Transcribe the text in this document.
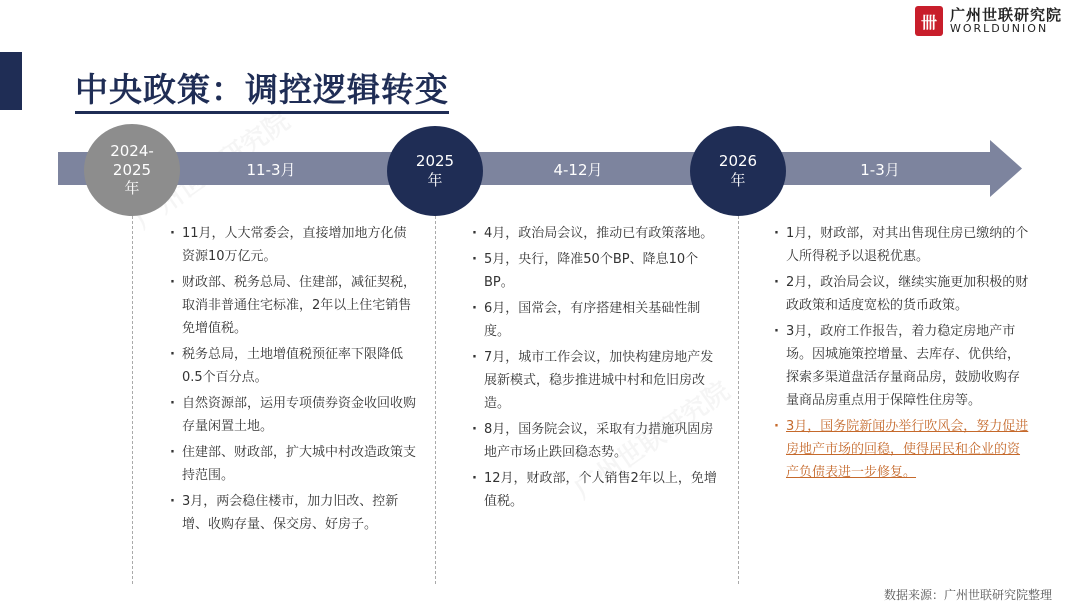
中央政策：调控逻辑转变
卌 广州世联研究院
WORLDUNION
11-3月	4-12月	1-3月
2024-
2025
年
2025
年
2026
年
· 11月，人大常委会，直接增加地方化债资源10万亿元。
· 财政部、税务总局、住建部，减征契税，取消非普通住宅标准，2年以上住宅销售免增值税。
· 税务总局，土地增值税预征率下限降低0.5个百分点。
· 自然资源部，运用专项债券资金收回收购存量闲置土地。
· 住建部、财政部，扩大城中村改造政策支持范围。
· 3月，两会稳住楼市，加力旧改、控新增、收购存量、保交房、好房子。
· 4月，政治局会议，推动已有政策落地。
· 5月，央行，降准50个BP、降息10个BP。
· 6月，国常会，有序搭建相关基础性制度。
· 7月，城市工作会议，加快构建房地产发展新模式，稳步推进城中村和危旧房改造。
· 8月，国务院会议，采取有力措施巩固房地产市场止跌回稳态势。
· 12月，财政部，个人销售2年以上，免增值税。
· 1月，财政部，对其出售现住房已缴纳的个人所得税予以退税优惠。
· 2月，政治局会议，继续实施更加积极的财政政策和适度宽松的货币政策。
· 3月，政府工作报告，着力稳定房地产市场。因城施策控增量、去库存、优供给，探索多渠道盘活存量商品房，鼓励收购存量商品房重点用于保障性住房等。
· 3月，国务院新闻办举行吹风会，努力促进房地产市场的回稳，使得居民和企业的资产负债表进一步修复。
数据来源：广州世联研究院整理
